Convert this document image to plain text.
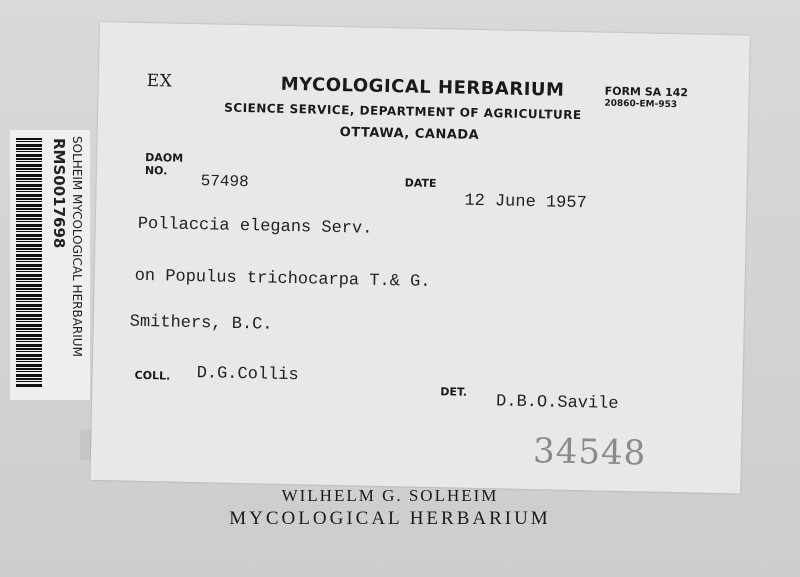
EX	MYCOLOGICAL HERBARIUM	FORM SA 142
20860-EM-953
SCIENCE SERVICE, DEPARTMENT OF AGRICULTURE
OTTAWA, CANADA
DAOM
NO.
57498	DATE
12 June 1957
Pollaccia elegans Serv.
on Populus trichocarpa T.& G.
Smithers, B.C.
COLL. D.G.Collis
DET.
D.B.O.Savile
34548
RMS0017698 SOLHEIM MYCOLOGICAL HERBARIUM
WILHELM G. SOLHEIM
MYCOLOGICAL HERBARIUM
